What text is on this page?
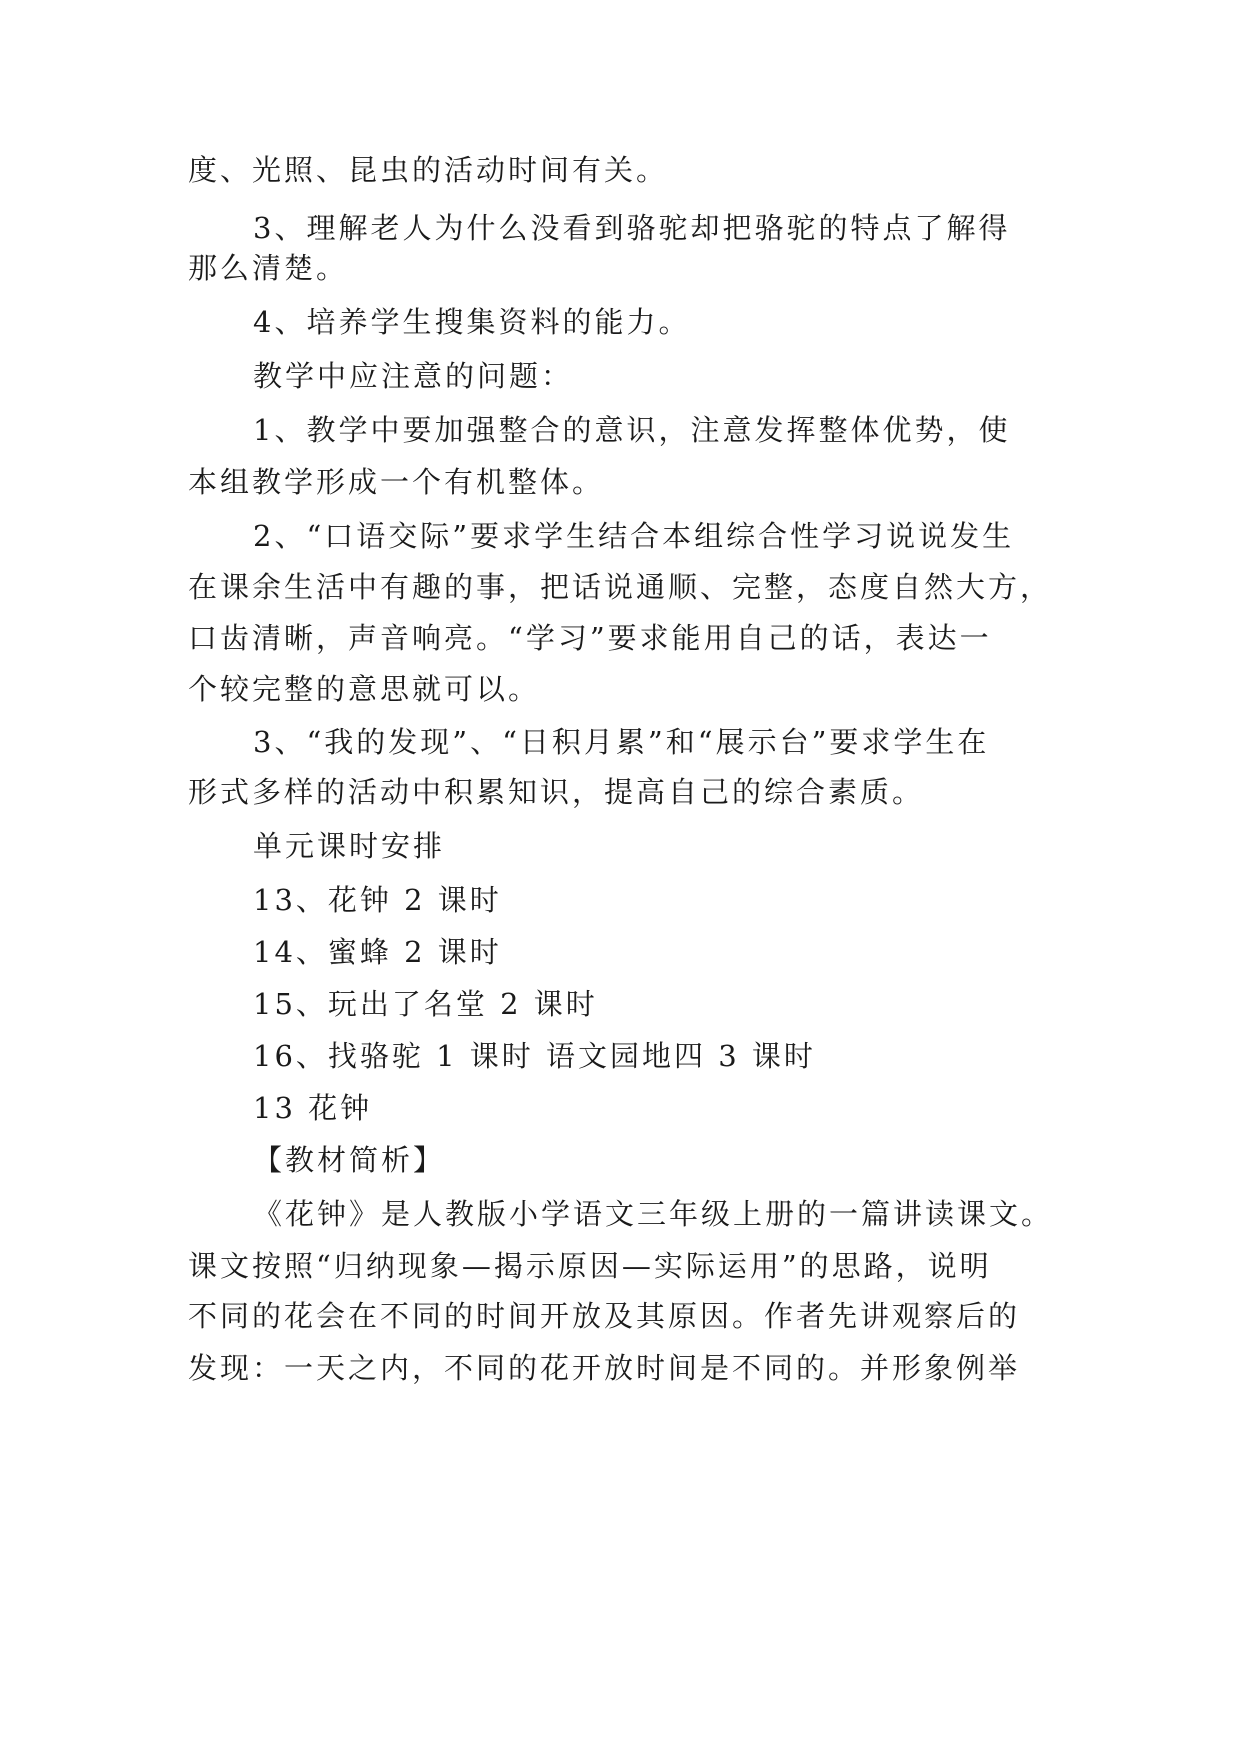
度、光照、昆虫的活动时间有关。
3、理解老人为什么没看到骆驼却把骆驼的特点了解得
那么清楚。
4、培养学生搜集资料的能力。
教学中应注意的问题：
1、教学中要加强整合的意识，注意发挥整体优势，使
本组教学形成一个有机整体。
2、“口语交际”要求学生结合本组综合性学习说说发生
在课余生活中有趣的事，把话说通顺、完整，态度自然大方，
口齿清晰，声音响亮。“学习”要求能用自己的话，表达一
个较完整的意思就可以。
3、“我的发现”、“日积月累”和“展示台”要求学生在
形式多样的活动中积累知识，提高自己的综合素质。
单元课时安排
13、花钟 2 课时
14、蜜蜂 2 课时
15、玩出了名堂 2 课时
16、找骆驼 1 课时 语文园地四 3 课时
13 花钟
【教材简析】
《花钟》是人教版小学语文三年级上册的一篇讲读课文。
课文按照“归纳现象—揭示原因—实际运用”的思路，说明
不同的花会在不同的时间开放及其原因。作者先讲观察后的
发现：一天之内，不同的花开放时间是不同的。并形象例举
